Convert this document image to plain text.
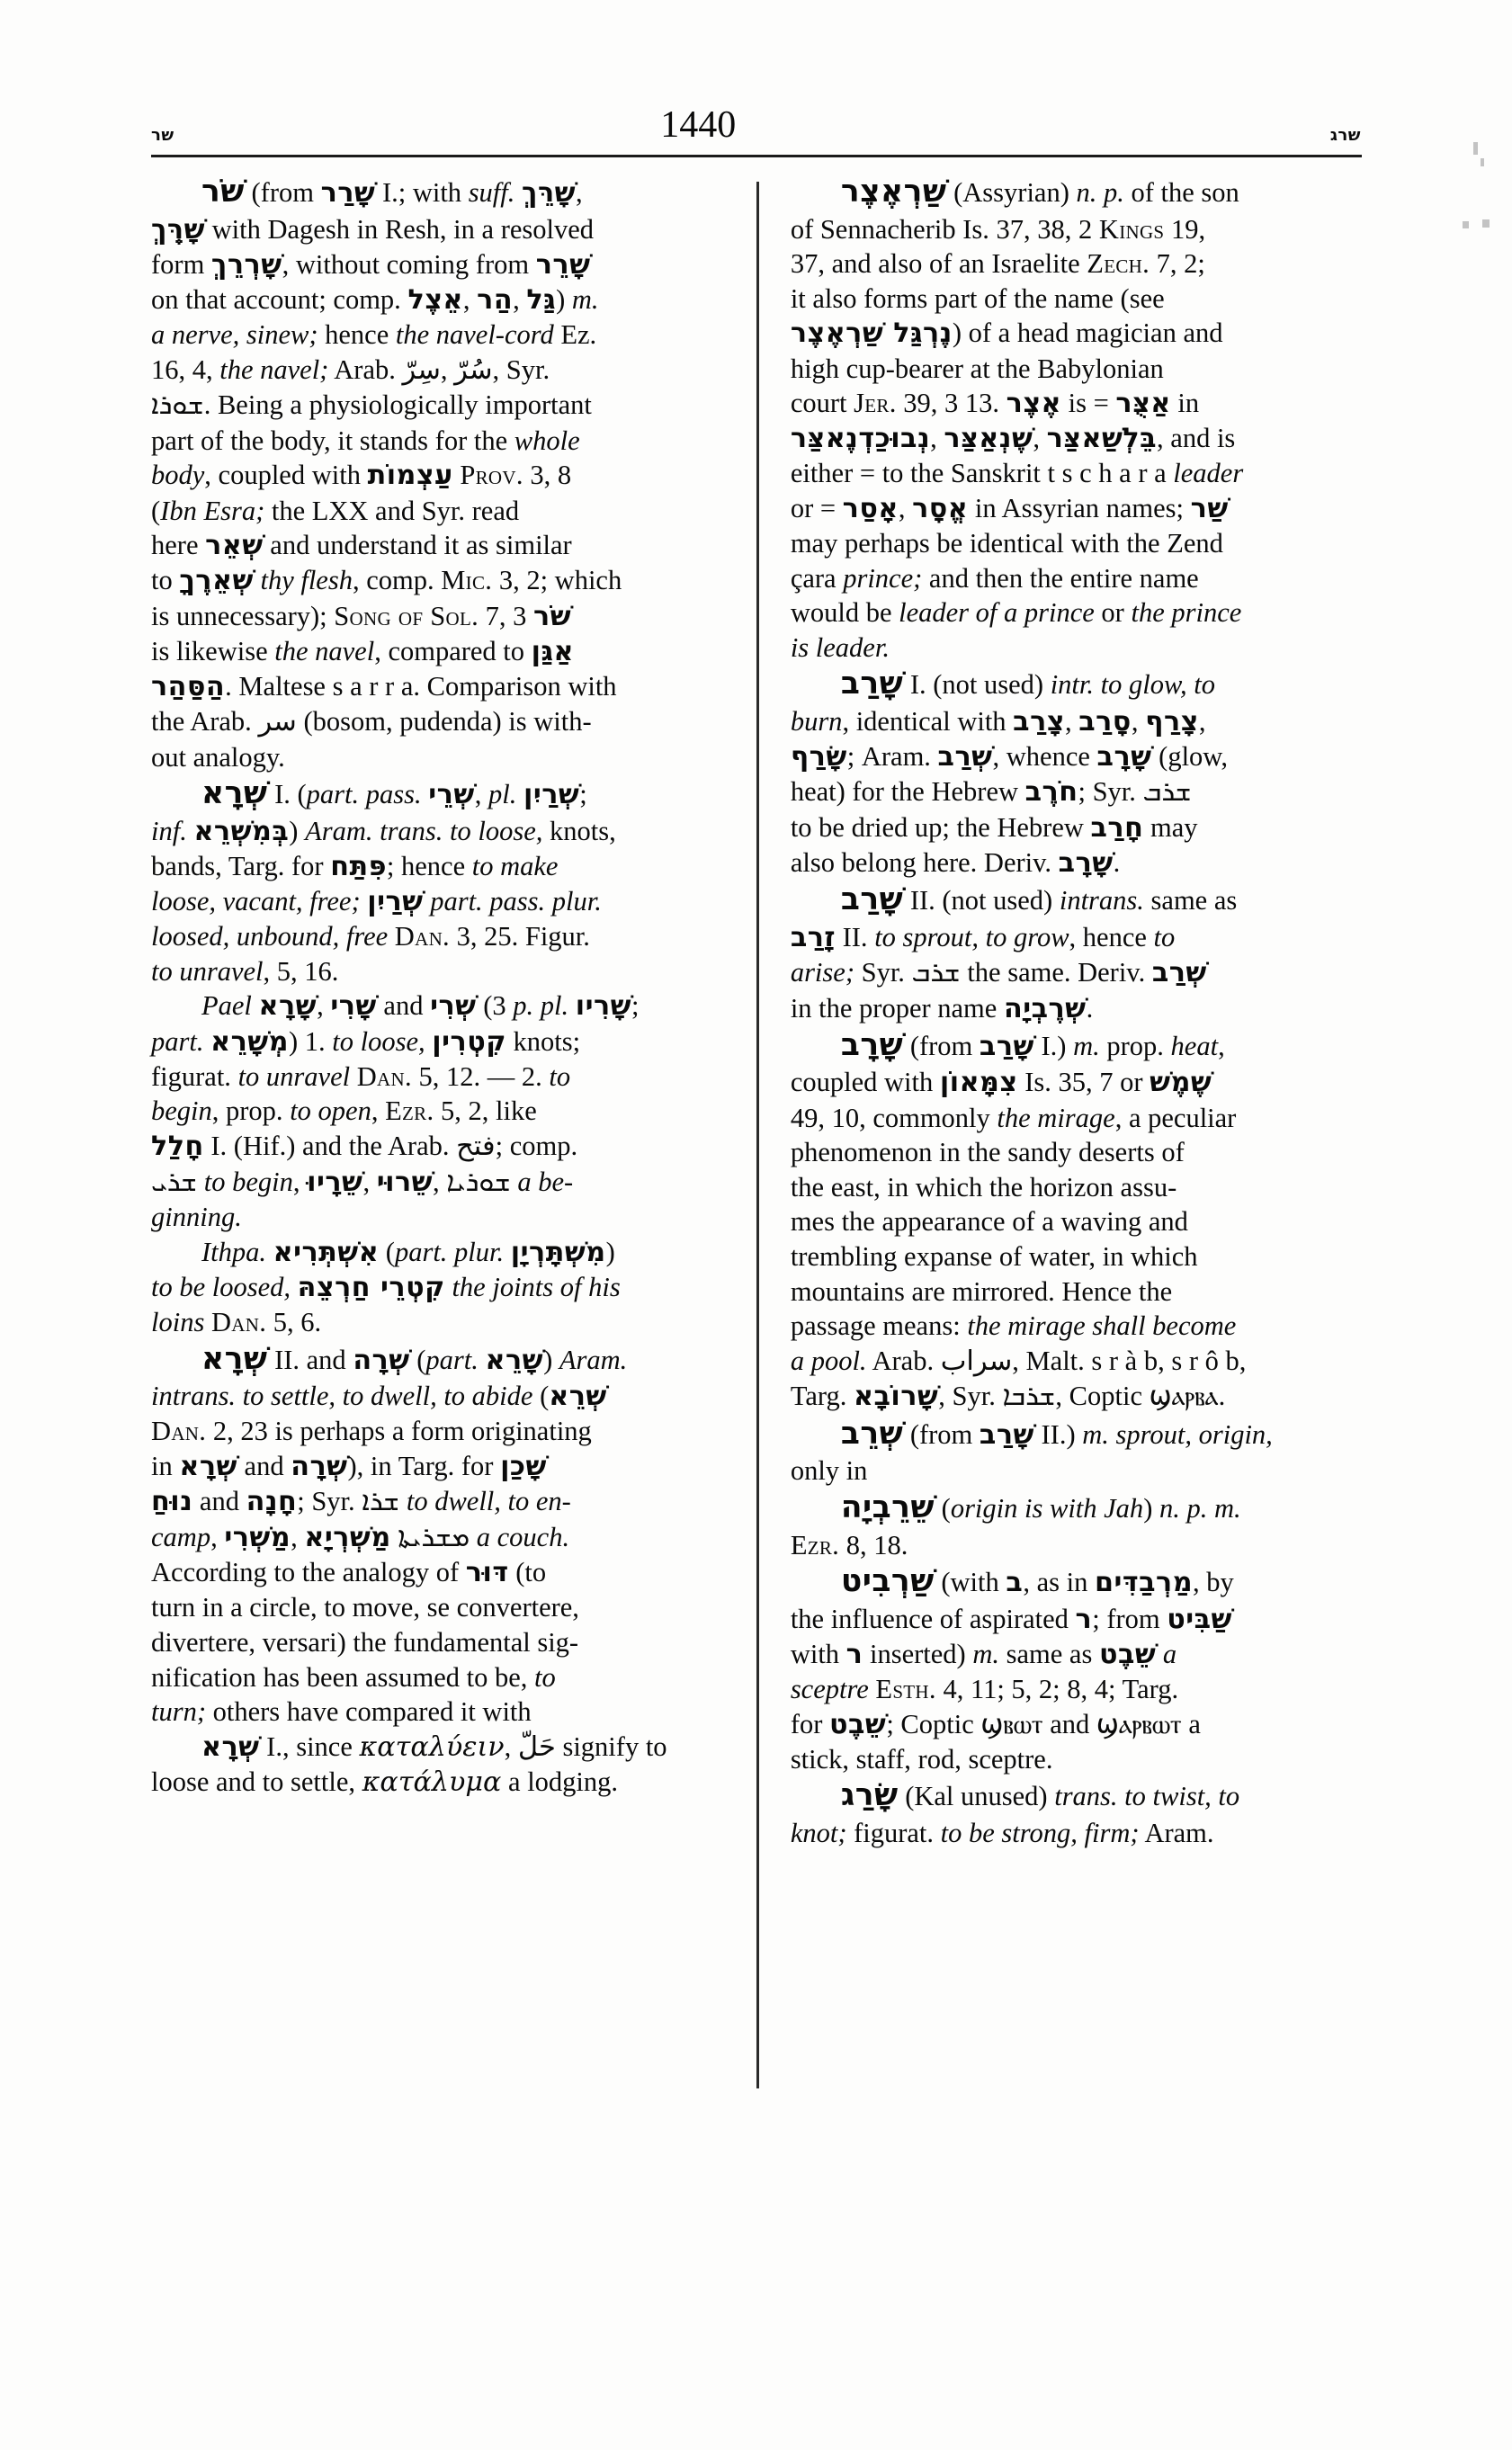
שר	1440	שרג

שֹׁר (from שָׁרַר I.; with suff. שָׁרֵּךְ,

שָׁרְֵּךְ with Dagesh in Resh, in a resolved

form שָׁרְרֵךְ, without coming from שָׁרֵר

on that account; comp. אֵצֶל, הַר, גַּל) m.

a nerve, sinew; hence the navel-cord Ez.

16, 4, the navel; Arab. سِرّ, سُرّ, Syr.

ܫܘܪܐ. Being a physiologically important

part of the body, it stands for the whole

body, coupled with עַצְמוֹת Prov. 3, 8

(Ibn Esra; the LXX and Syr. read

here שְׁאֵר and understand it as similar

to שְׁאֵרֶךָ thy flesh, comp. Mic. 3, 2; which

is unnecessary); Song of Sol. 7, 3 שֹׁר

is likewise the navel, compared to אַגַּן

הַסַּהַר. Maltese s a r r a. Comparison with

the Arab. سر (bosom, pudenda) is with-

out analogy.

שְׁרָא I. (part. pass. שְׁרֵי, pl. שְׁרַיִן;

inf. בְּמִשְׁרֵא) Aram. trans. to loose, knots,

bands, Targ. for פִּתַּח; hence to make

loose, vacant, free; שְׁרַיִן part. pass. plur.

loosed, unbound, free Dan. 3, 25. Figur.

to unravel, 5, 16.

Pael שָׁרָא, שָׁרִי and שְׁרִי (3 p. pl. שָׁרִיו;

part. מְשָׁרֵא) 1. to loose, קִטְרִין knots;

figurat. to unravel Dan. 5, 12. — 2. to

begin, prop. to open, Ezr. 5, 2, like

חָלַל I. (Hif.) and the Arab. فتح; comp.

ܫܪܝ to begin, שֵׁרָיוּ, שֵׁרוּי, ܫܘܪܝܐ a be-

ginning.

Ithpa. אִשְׁתְּרִיא (part. plur. מִשְׁתָּרְיָן)

to be loosed, קִטְרֵי חַרְצֵהּ the joints of his

loins Dan. 5, 6.

שְׁרָא II. and שְׁרָה (part. שָׁרֵא) Aram.

intrans. to settle, to dwell, to abide (שְׁרֵא

Dan. 2, 23 is perhaps a form originating

in שְׁרָא and שְׁרָה), in Targ. for שָׁכַן

נוּחַ and חָנָה; Syr. ܫܪܐ to dwell, to en-

camp, מַשְׁרִי, מַשְׁרְיָא ܡܫܪܝܬܐ a couch.

According to the analogy of דּוּר (to

turn in a circle, to move, se convertere,

divertere, versari) the fundamental sig-

nification has been assumed to be, to

turn; others have compared it with

שְׁרָא I., since καταλύειν, حَلّ signify to

loose and to settle, κατάλυμα a lodging.

שַׁרְאֶצֶר (Assyrian) n. p. of the son

of Sennacherib Is. 37, 38, 2 Kings 19,

37, and also of an Israelite Zech. 7, 2;

it also forms part of the name (see

נֶרְגַּל שַׁרְאֶצֶר) of a head magician and

high cup-bearer at the Babylonian

court Jer. 39, 3 13. אֶצֶר is = אַצֻּר in

נְבוּכַדְנֶאצַּר, שֶׁנְאַצַּר, בֵּלְשַׁאצַּר, and is

either = to the Sanskrit t s c h a r a leader

or = אָסַר, אֱסָר in Assyrian names; שַׁר

may perhaps be identical with the Zend

çara prince; and then the entire name

would be leader of a prince or the prince

is leader.

שָׁרַב I. (not used) intr. to glow, to

burn, identical with צָרַב, סָרַב, צָרַף,

שָׂרַף; Aram. שְׁרַב, whence שָׁרָב (glow,

heat) for the Hebrew חֹרֶב; Syr. ܫܪܒ

to be dried up; the Hebrew חָרַב may

also belong here. Deriv. שָׁרָב.

שָׁרַב II. (not used) intrans. same as

זָרַב II. to sprout, to grow, hence to

arise; Syr. ܫܪܒ the same. Deriv. שְׁרַב

in the proper name שְׁרֶבְיָה.

שָׁרָב (from שָׁרַב I.) m. prop. heat,

coupled with צִמָּאוֹן Is. 35, 7 or שֶׁמֶשׁ

49, 10, commonly the mirage, a peculiar

phenomenon in the sandy deserts of

the east, in which the horizon assu-

mes the appearance of a waving and

trembling expanse of water, in which

mountains are mirrored. Hence the

passage means: the mirage shall become

a pool. Arab. سراب, Malt. s r à b, s r ô b,

Targ. שָׁרוֹבָא, Syr. ܫܪܒܐ, Coptic ϣⲁⲣⲃⲁ.

שְׁרֵב (from שָׁרַב II.) m. sprout, origin,

only in

שֵׁרֵבְיָה (origin is with Jah) n. p. m.

Ezr. 8, 18.

שַׁרְבִיט (with ב, as in מַרְבַדִּים, by

the influence of aspirated ר; from שַׁבִּיט

with ר inserted) m. same as שֵׁבֶט a

sceptre Esth. 4, 11; 5, 2; 8, 4; Targ.

for שֵׁבֶט; Coptic ϣⲃⲱⲧ and ϣⲁⲣⲃⲱⲧ a

stick, staff, rod, sceptre.

שָׂרַג (Kal unused) trans. to twist, to

knot; figurat. to be strong, firm; Aram.
